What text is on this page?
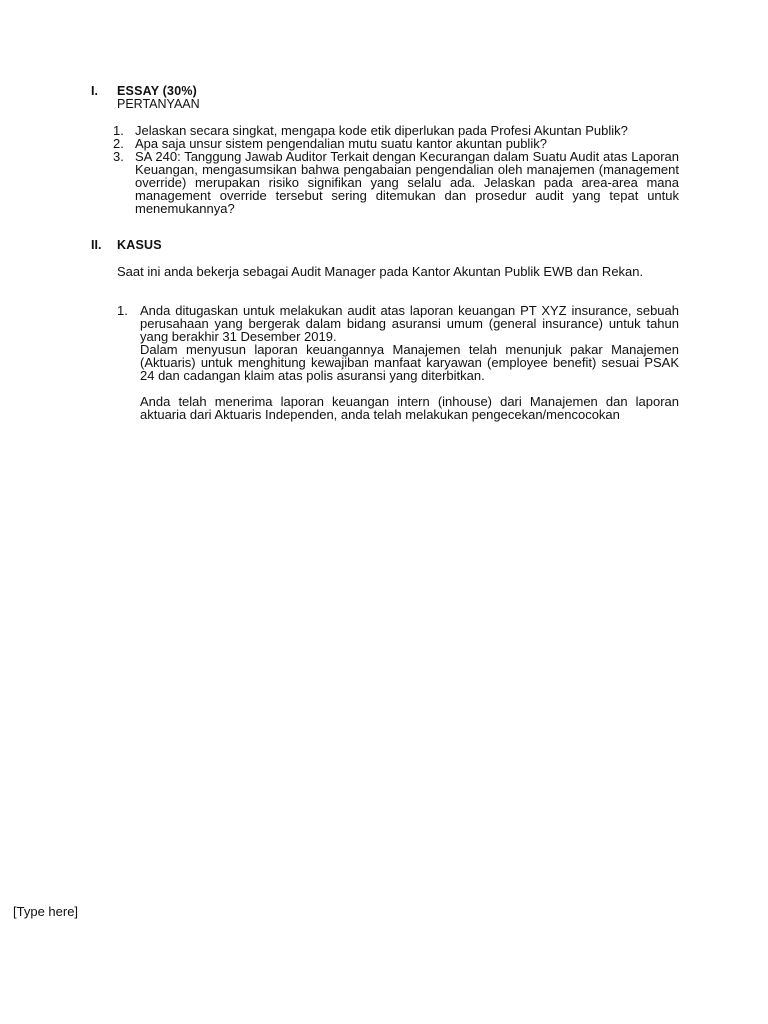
I. ESSAY (30%)
PERTANYAAN
1. Jelaskan secara singkat, mengapa kode etik diperlukan pada Profesi Akuntan Publik?
2. Apa saja unsur sistem pengendalian mutu suatu kantor akuntan publik?
3. SA 240: Tanggung Jawab Auditor Terkait dengan Kecurangan dalam Suatu Audit atas Laporan Keuangan, mengasumsikan bahwa pengabaian pengendalian oleh manajemen (management override) merupakan risiko signifikan yang selalu ada. Jelaskan pada area-area mana management override tersebut sering ditemukan dan prosedur audit yang tepat untuk menemukannya?
II. KASUS
Saat ini anda bekerja sebagai Audit Manager pada Kantor Akuntan Publik EWB dan Rekan.
1. Anda ditugaskan untuk melakukan audit atas laporan keuangan PT XYZ insurance, sebuah perusahaan yang bergerak dalam bidang asuransi umum (general insurance) untuk tahun yang berakhir 31 Desember 2019.
Dalam menyusun laporan keuangannya Manajemen telah menunjuk pakar Manajemen (Aktuaris) untuk menghitung kewajiban manfaat karyawan (employee benefit) sesuai PSAK 24 dan cadangan klaim atas polis asuransi yang diterbitkan.
Anda telah menerima laporan keuangan intern (inhouse) dari Manajemen dan laporan aktuaria dari Aktuaris Independen, anda telah melakukan pengecekan/mencocokan
[Type here]
